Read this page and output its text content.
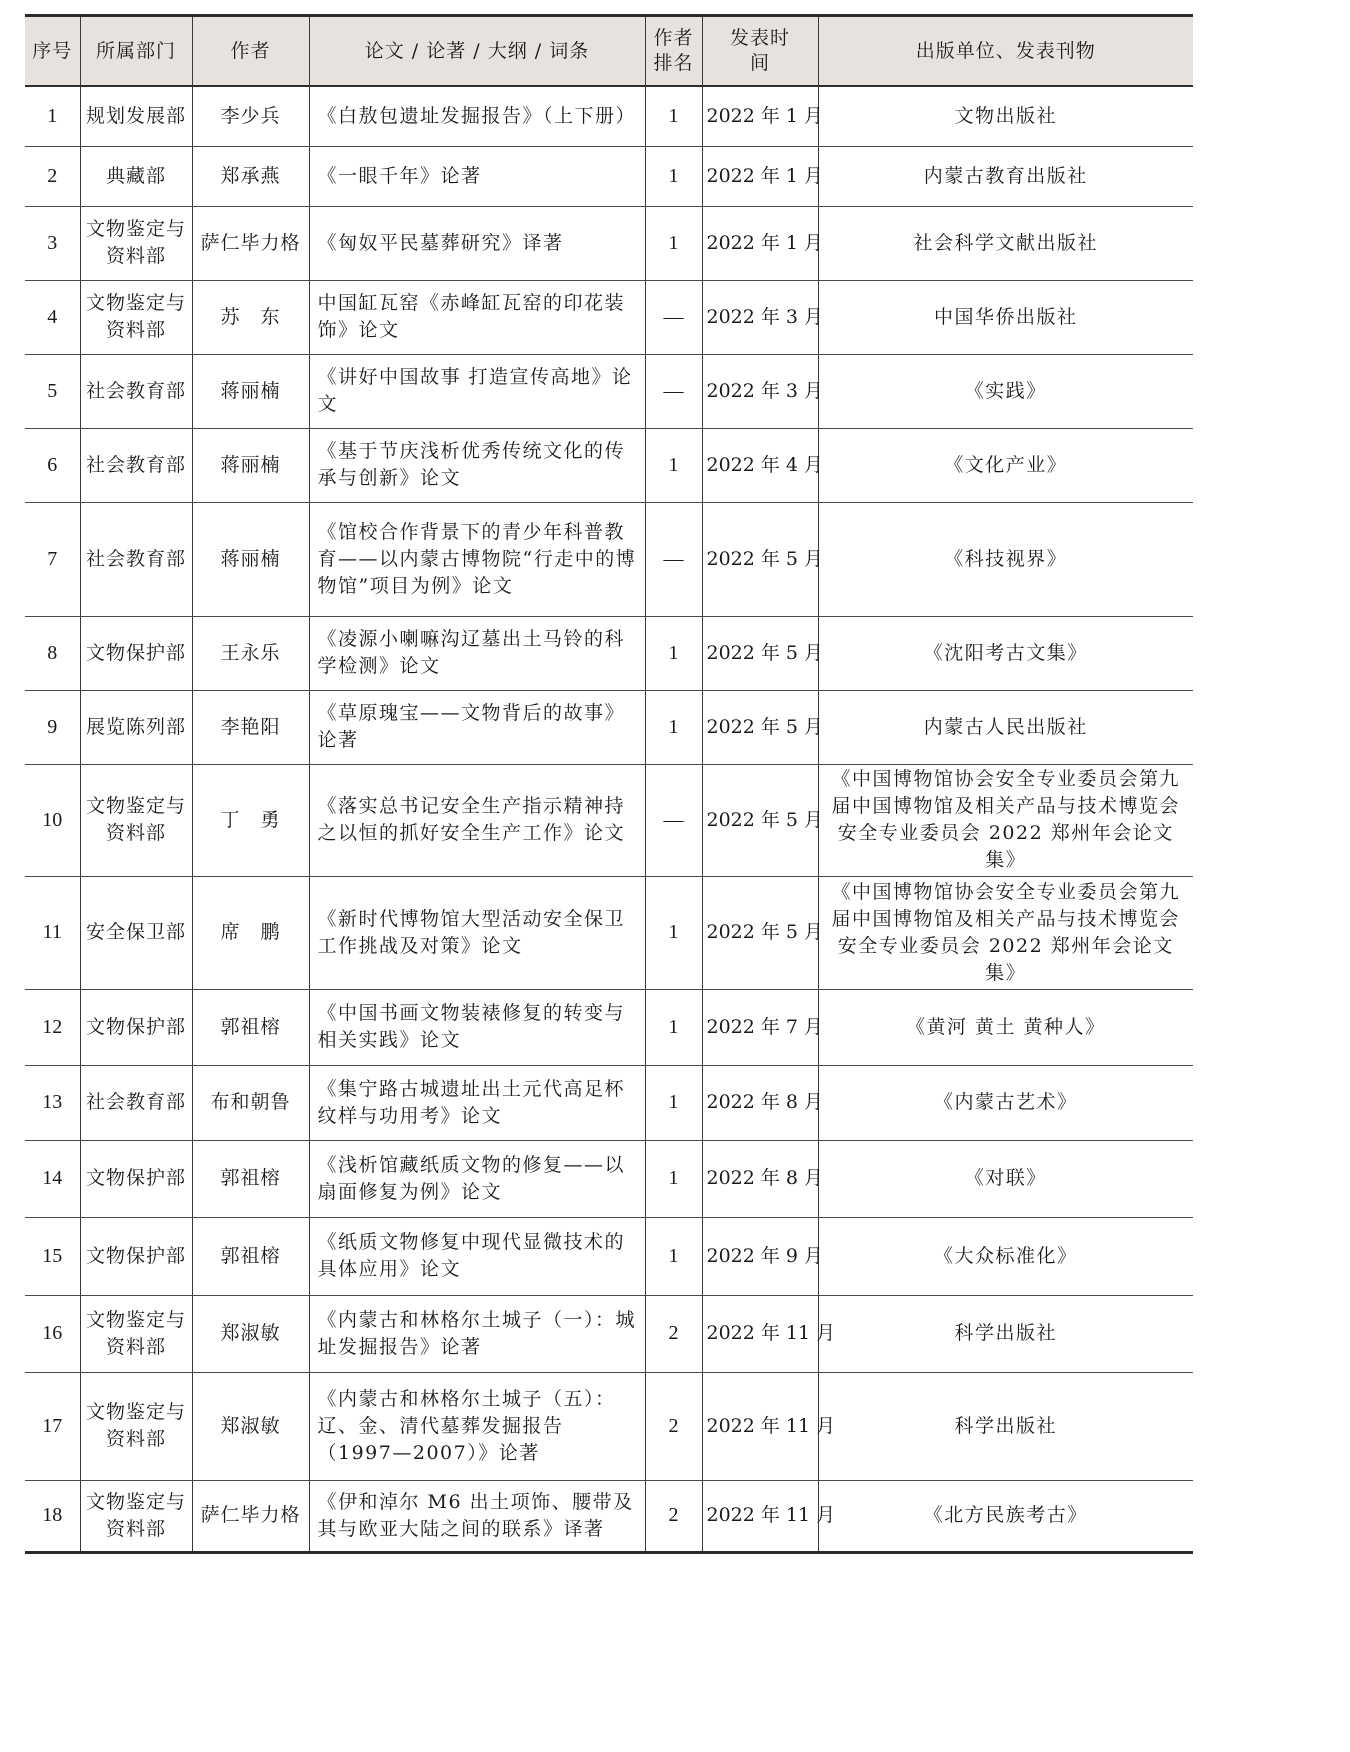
序号	所属部门	作者	论文 / 论著 / 大纲 / 词条	作者排名	发表时间	出版单位、发表刊物
1	规划发展部	李少兵	《白敖包遗址发掘报告》（上下册）	1	2022 年 1 月	文物出版社
2	典藏部	郑承燕	《一眼千年》论著	1	2022 年 1 月	内蒙古教育出版社
3	文物鉴定与资料部	萨仁毕力格	《匈奴平民墓葬研究》译著	1	2022 年 1 月	社会科学文献出版社
4	文物鉴定与资料部	苏　东	中国缸瓦窑《赤峰缸瓦窑的印花装饰》论文	—	2022 年 3 月	中国华侨出版社
5	社会教育部	蒋丽楠	《讲好中国故事 打造宣传高地》论文	—	2022 年 3 月	《实践》
6	社会教育部	蒋丽楠	《基于节庆浅析优秀传统文化的传承与创新》论文	1	2022 年 4 月	《文化产业》
7	社会教育部	蒋丽楠	《馆校合作背景下的青少年科普教育——以内蒙古博物院“行走中的博物馆”项目为例》论文	—	2022 年 5 月	《科技视界》
8	文物保护部	王永乐	《凌源小喇嘛沟辽墓出土马铃的科学检测》论文	1	2022 年 5 月	《沈阳考古文集》
9	展览陈列部	李艳阳	《草原瑰宝——文物背后的故事》论著	1	2022 年 5 月	内蒙古人民出版社
10	文物鉴定与资料部	丁　勇	《落实总书记安全生产指示精神持之以恒的抓好安全生产工作》论文	—	2022 年 5 月	《中国博物馆协会安全专业委员会第九届中国博物馆及相关产品与技术博览会安全专业委员会 2022 郑州年会论文集》
11	安全保卫部	席　鹏	《新时代博物馆大型活动安全保卫工作挑战及对策》论文	1	2022 年 5 月	《中国博物馆协会安全专业委员会第九届中国博物馆及相关产品与技术博览会安全专业委员会 2022 郑州年会论文集》
12	文物保护部	郭祖榕	《中国书画文物装裱修复的转变与相关实践》论文	1	2022 年 7 月	《黄河 黄土 黄种人》
13	社会教育部	布和朝鲁	《集宁路古城遗址出土元代高足杯纹样与功用考》论文	1	2022 年 8 月	《内蒙古艺术》
14	文物保护部	郭祖榕	《浅析馆藏纸质文物的修复——以扇面修复为例》论文	1	2022 年 8 月	《对联》
15	文物保护部	郭祖榕	《纸质文物修复中现代显微技术的具体应用》论文	1	2022 年 9 月	《大众标准化》
16	文物鉴定与资料部	郑淑敏	《内蒙古和林格尔土城子（一）：城址发掘报告》论著	2	2022 年 11 月	科学出版社
17	文物鉴定与资料部	郑淑敏	《内蒙古和林格尔土城子（五）：辽、金、清代墓葬发掘报告（1997—2007）》论著	2	2022 年 11 月	科学出版社
18	文物鉴定与资料部	萨仁毕力格	《伊和淖尔 M6 出土项饰、腰带及其与欧亚大陆之间的联系》译著	2	2022 年 11 月	《北方民族考古》
